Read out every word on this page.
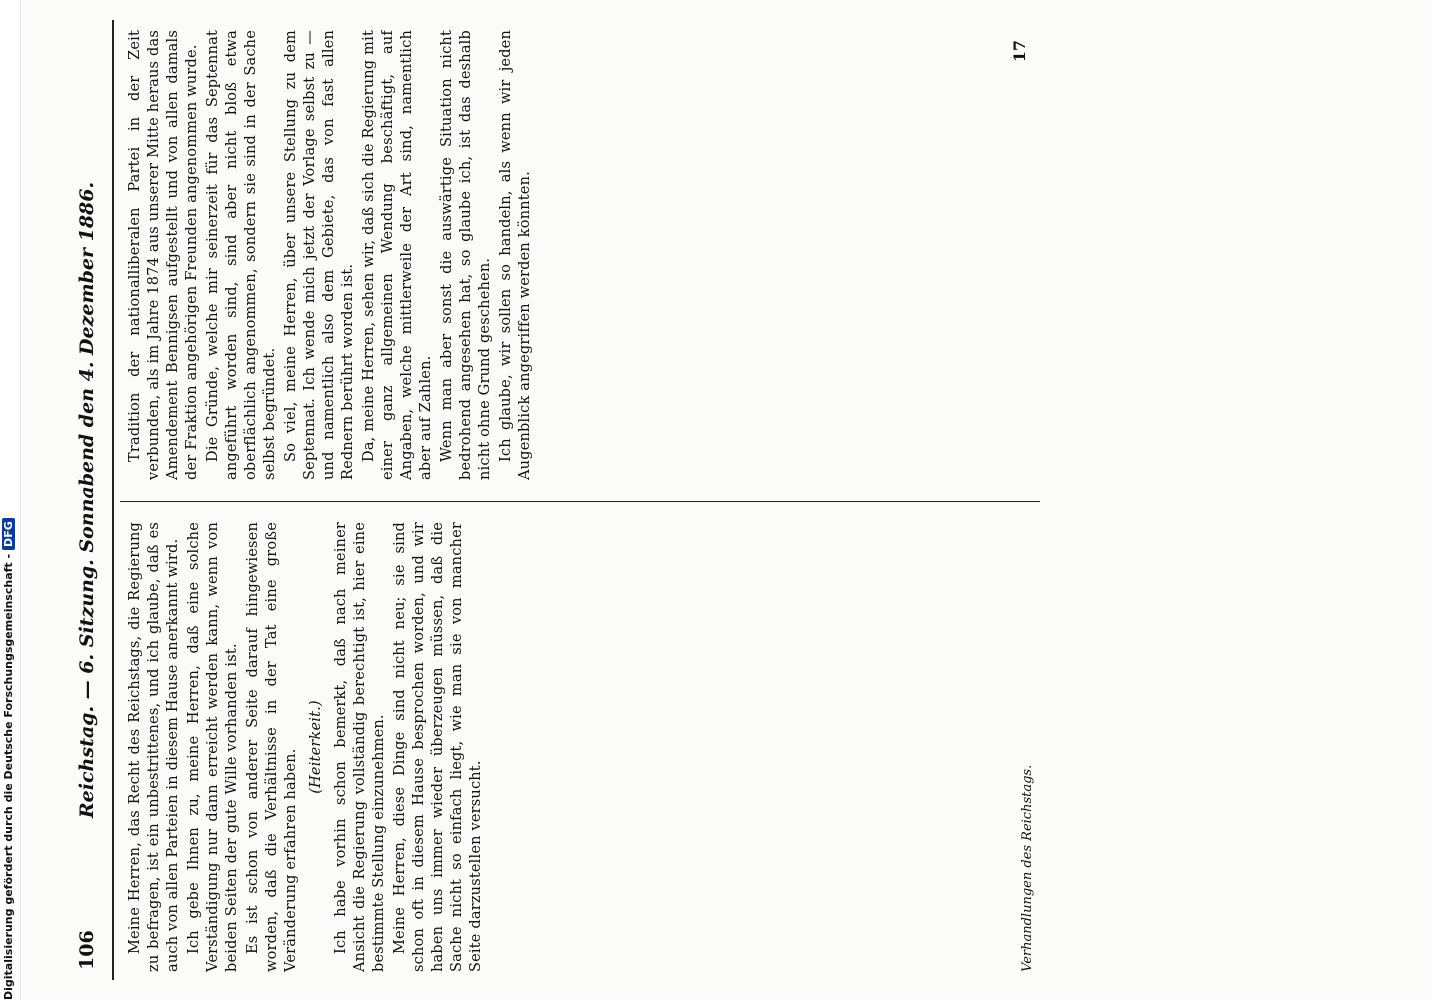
Digitalisierung gefördert durch die Deutsche Forschungsgemeinschaft -DFG
106
Reichstag. — 6. Sitzung. Sonnabend den 4. Dezember 1886. Meine Herren, das Recht des Reichstags, die Regierung zu befragen, ist ein unbestrittenes, und ich glaube, daß es auch von allen Parteien in diesem Hause anerkannt wird. Ich gebe Ihnen zu, meine Herren, daß eine solche Verständigung nur dann erreicht werden kann, wenn von beiden Seiten der gute Wille vorhanden ist. Es ist schon von anderer Seite darauf hingewiesen worden, daß die Verhältnisse in der Tat eine große Veränderung erfahren haben.

(Heiterkeit.) Ich habe vorhin schon bemerkt, daß nach meiner Ansicht die Regierung vollständig berechtigt ist, hier eine bestimmte Stellung einzunehmen. Meine Herren, diese Dinge sind nicht neu; sie sind schon oft in diesem Hause besprochen worden, und wir haben uns immer wieder überzeugen müssen, daß die Sache nicht so einfach liegt, wie man sie von mancher Seite darzustellen versucht.

Tradition der nationalliberalen Partei in der Zeit verbunden, als im Jahre 1874 aus unserer Mitte heraus das Amendement Bennigsen aufgestellt und von allen damals der Fraktion angehörigen Freunden angenommen wurde. Die Gründe, welche mir seinerzeit für das Septennat angeführt worden sind, sind aber nicht bloß etwa oberflächlich angenommen, sondern sie sind in der Sache selbst begründet. So viel, meine Herren, über unsere Stellung zu dem Septennat. Ich wende mich jetzt der Vorlage selbst zu — und namentlich also dem Gebiete, das von fast allen Rednern berührt worden ist. Da, meine Herren, sehen wir, daß sich die Regierung mit einer ganz allgemeinen Wendung beschäftigt, auf Angaben, welche mittlerweile der Art sind, namentlich aber auf Zahlen. Wenn man aber sonst die auswärtige Situation nicht bedrohend angesehen hat, so glaube ich, ist das deshalb nicht ohne Grund geschehen. Ich glaube, wir sollen so handeln, als wenn wir jeden Augenblick angegriffen werden könnten.

Verhandlungen des Reichstags.
17
